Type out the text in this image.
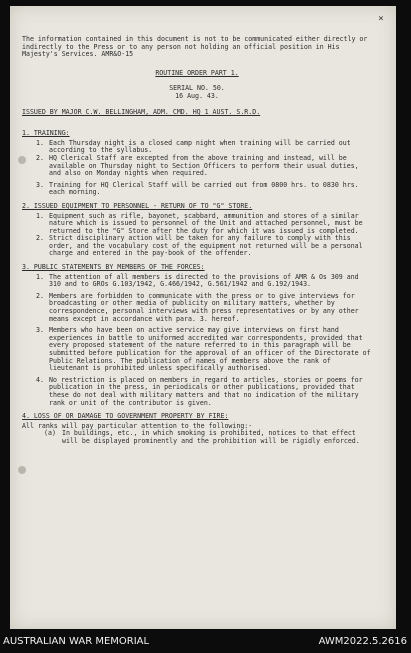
×
The information contained in this document is not to be communicated either directly or indirectly to the Press or to any person not holding an official position in His Majesty's Services. AMR&O-15
ROUTINE ORDER PART 1.
SERIAL NO. 50.
16 Aug. 43.
ISSUED BY MAJOR C.W. BELLINGHAM, ADM. CMD. HQ 1 AUST. S.R.D.
1. TRAINING:
1. Each Thursday night is a closed camp night when training will be carried out according to the syllabus.
2. HQ Clerical Staff are excepted from the above training and instead, will be available on Thursday night to Section Officers to perform their usual duties, and also on Monday nights when required.
3. Training for HQ Clerical Staff will be carried out from 0800 hrs. to 0830 hrs. each morning.
2. ISSUED EQUIPMENT TO PERSONNEL - RETURN OF TO "G" STORE.
1. Equipment such as rifle, bayonet, scabbard, ammunition and stores of a similar nature which is issued to personnel of the Unit and attached personnel, must be returned to the "G" Store after the duty for which it was issued is completed.
2. Strict disciplinary action will be taken for any failure to comply with this order, and the vocabulary cost of the equipment not returned will be a personal charge and entered in the pay-book of the offender.
3. PUBLIC STATEMENTS BY MEMBERS OF THE FORCES:
1. The attention of all members is directed to the provisions of AMR & Os 309 and 310 and to GROs G.103/1942, G.466/1942, G.561/1942 and G.192/1943.
2. Members are forbidden to communicate with the press or to give interviews for broadcasting or other media of publicity on military matters, whether by correspondence, personal interviews with press representatives or by any other means except in accordance with para. 3. hereof.
3. Members who have been on active service may give interviews on first hand experiences in battle to uniformed accredited war correspondents, provided that every proposed statement of the nature referred to in this paragraph will be submitted before publication for the approval of an officer of the Directorate of Public Relations. The publication of names of members above the rank of lieutenant is prohibited unless specifically authorised.
4. No restriction is placed on members in regard to articles, stories or poems for publication in the press, in periodicals or other publications, provided that these do not deal with military matters and that no indication of the military rank or unit of the contributor is given.
4. LOSS OF OR DAMAGE TO GOVERNMENT PROPERTY BY FIRE:
All ranks will pay particular attention to the following:-
(a) In buildings, etc., in which smoking is prohibited, notices to that effect will be displayed prominently and the prohibition will be rigidly enforced.
AUSTRALIAN WAR MEMORIAL	AWM2022.5.2616
